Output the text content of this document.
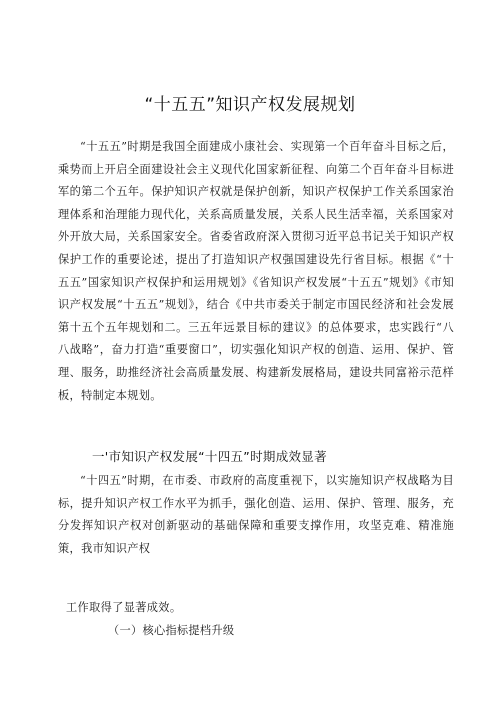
“十五五”知识产权发展规划
“十五五”时期是我国全面建成小康社会、实现第一个百年奋斗目标之后，乘势而上开启全面建设社会主义现代化国家新征程、向第二个百年奋斗目标进军的第二个五年。保护知识产权就是保护创新，知识产权保护工作关系国家治理体系和治理能力现代化，关系高质量发展，关系人民生活幸福，关系国家对外开放大局，关系国家安全。省委省政府深入贯彻习近平总书记关于知识产权保护工作的重要论述，提出了打造知识产权强国建设先行省目标。根据《“十五五”国家知识产权保护和运用规划》《省知识产权发展“十五五”规划》《市知识产权发展“十五五”规划》，结合《中共市委关于制定市国民经济和社会发展第十五个五年规划和二。三五年远景目标的建议》的总体要求，忠实践行“八八战略”，奋力打造“重要窗口”，切实强化知识产权的创造、运用、保护、管理、服务，助推经济社会高质量发展、构建新发展格局，建设共同富裕示范样板，特制定本规划。
一'市知识产权发展“十四五”时期成效显著
“十四五”时期，在市委、市政府的高度重视下，以实施知识产权战略为目标，提升知识产权工作水平为抓手，强化创造、运用、保护、管理、服务，充分发挥知识产权对创新驱动的基础保障和重要支撑作用，攻坚克难、精准施策，我市知识产权
工作取得了显著成效。
（一）核心指标提档升级
